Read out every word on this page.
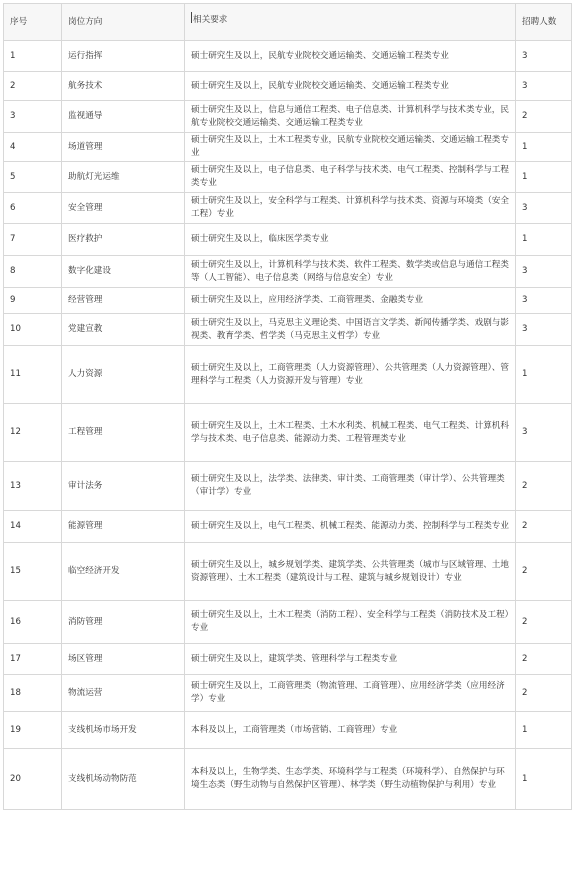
序号	岗位方向	相关要求	招聘人数
1	运行指挥	硕士研究生及以上，民航专业院校交通运输类、交通运输工程类专业	3
2	航务技术	硕士研究生及以上，民航专业院校交通运输类、交通运输工程类专业	3
3	监视通导	硕士研究生及以上，信息与通信工程类、电子信息类、计算机科学与技术类专业，民航专业院校交通运输类、交通运输工程类专业	2
4	场道管理	硕士研究生及以上，土木工程类专业，民航专业院校交通运输类、交通运输工程类专业	1
5	助航灯光运维	硕士研究生及以上，电子信息类、电子科学与技术类、电气工程类、控制科学与工程类专业	1
6	安全管理	硕士研究生及以上，安全科学与工程类、计算机科学与技术类、资源与环境类（安全工程）专业	3
7	医疗救护	硕士研究生及以上，临床医学类专业	1
8	数字化建设	硕士研究生及以上，计算机科学与技术类、软件工程类、数学类或信息与通信工程类等（人工智能）、电子信息类（网络与信息安全）专业	3
9	经营管理	硕士研究生及以上，应用经济学类、工商管理类、金融类专业	3
10	党建宣教	硕士研究生及以上，马克思主义理论类、中国语言文学类、新闻传播学类、戏剧与影视类、教育学类、哲学类（马克思主义哲学）专业	3
11	人力资源	硕士研究生及以上，工商管理类（人力资源管理）、公共管理类（人力资源管理）、管理科学与工程类（人力资源开发与管理）专业	1
12	工程管理	硕士研究生及以上，土木工程类、土木水利类、机械工程类、电气工程类、计算机科学与技术类、电子信息类、能源动力类、工程管理类专业	3
13	审计法务	硕士研究生及以上，法学类、法律类、审计类、工商管理类（审计学）、公共管理类（审计学）专业	2
14	能源管理	硕士研究生及以上，电气工程类、机械工程类、能源动力类、控制科学与工程类专业	2
15	临空经济开发	硕士研究生及以上，城乡规划学类、建筑学类、公共管理类（城市与区域管理、土地资源管理）、土木工程类（建筑设计与工程、建筑与城乡规划设计）专业	2
16	消防管理	硕士研究生及以上，土木工程类（消防工程）、安全科学与工程类（消防技术及工程）专业	2
17	场区管理	硕士研究生及以上，建筑学类、管理科学与工程类专业	2
18	物流运营	硕士研究生及以上，工商管理类（物流管理、工商管理）、应用经济学类（应用经济学）专业	2
19	支线机场市场开发	本科及以上，工商管理类（市场营销、工商管理）专业	1
20	支线机场动物防范	本科及以上，生物学类、生态学类、环境科学与工程类（环境科学）、自然保护与环境生态类（野生动物与自然保护区管理）、林学类（野生动植物保护与利用）专业	1
